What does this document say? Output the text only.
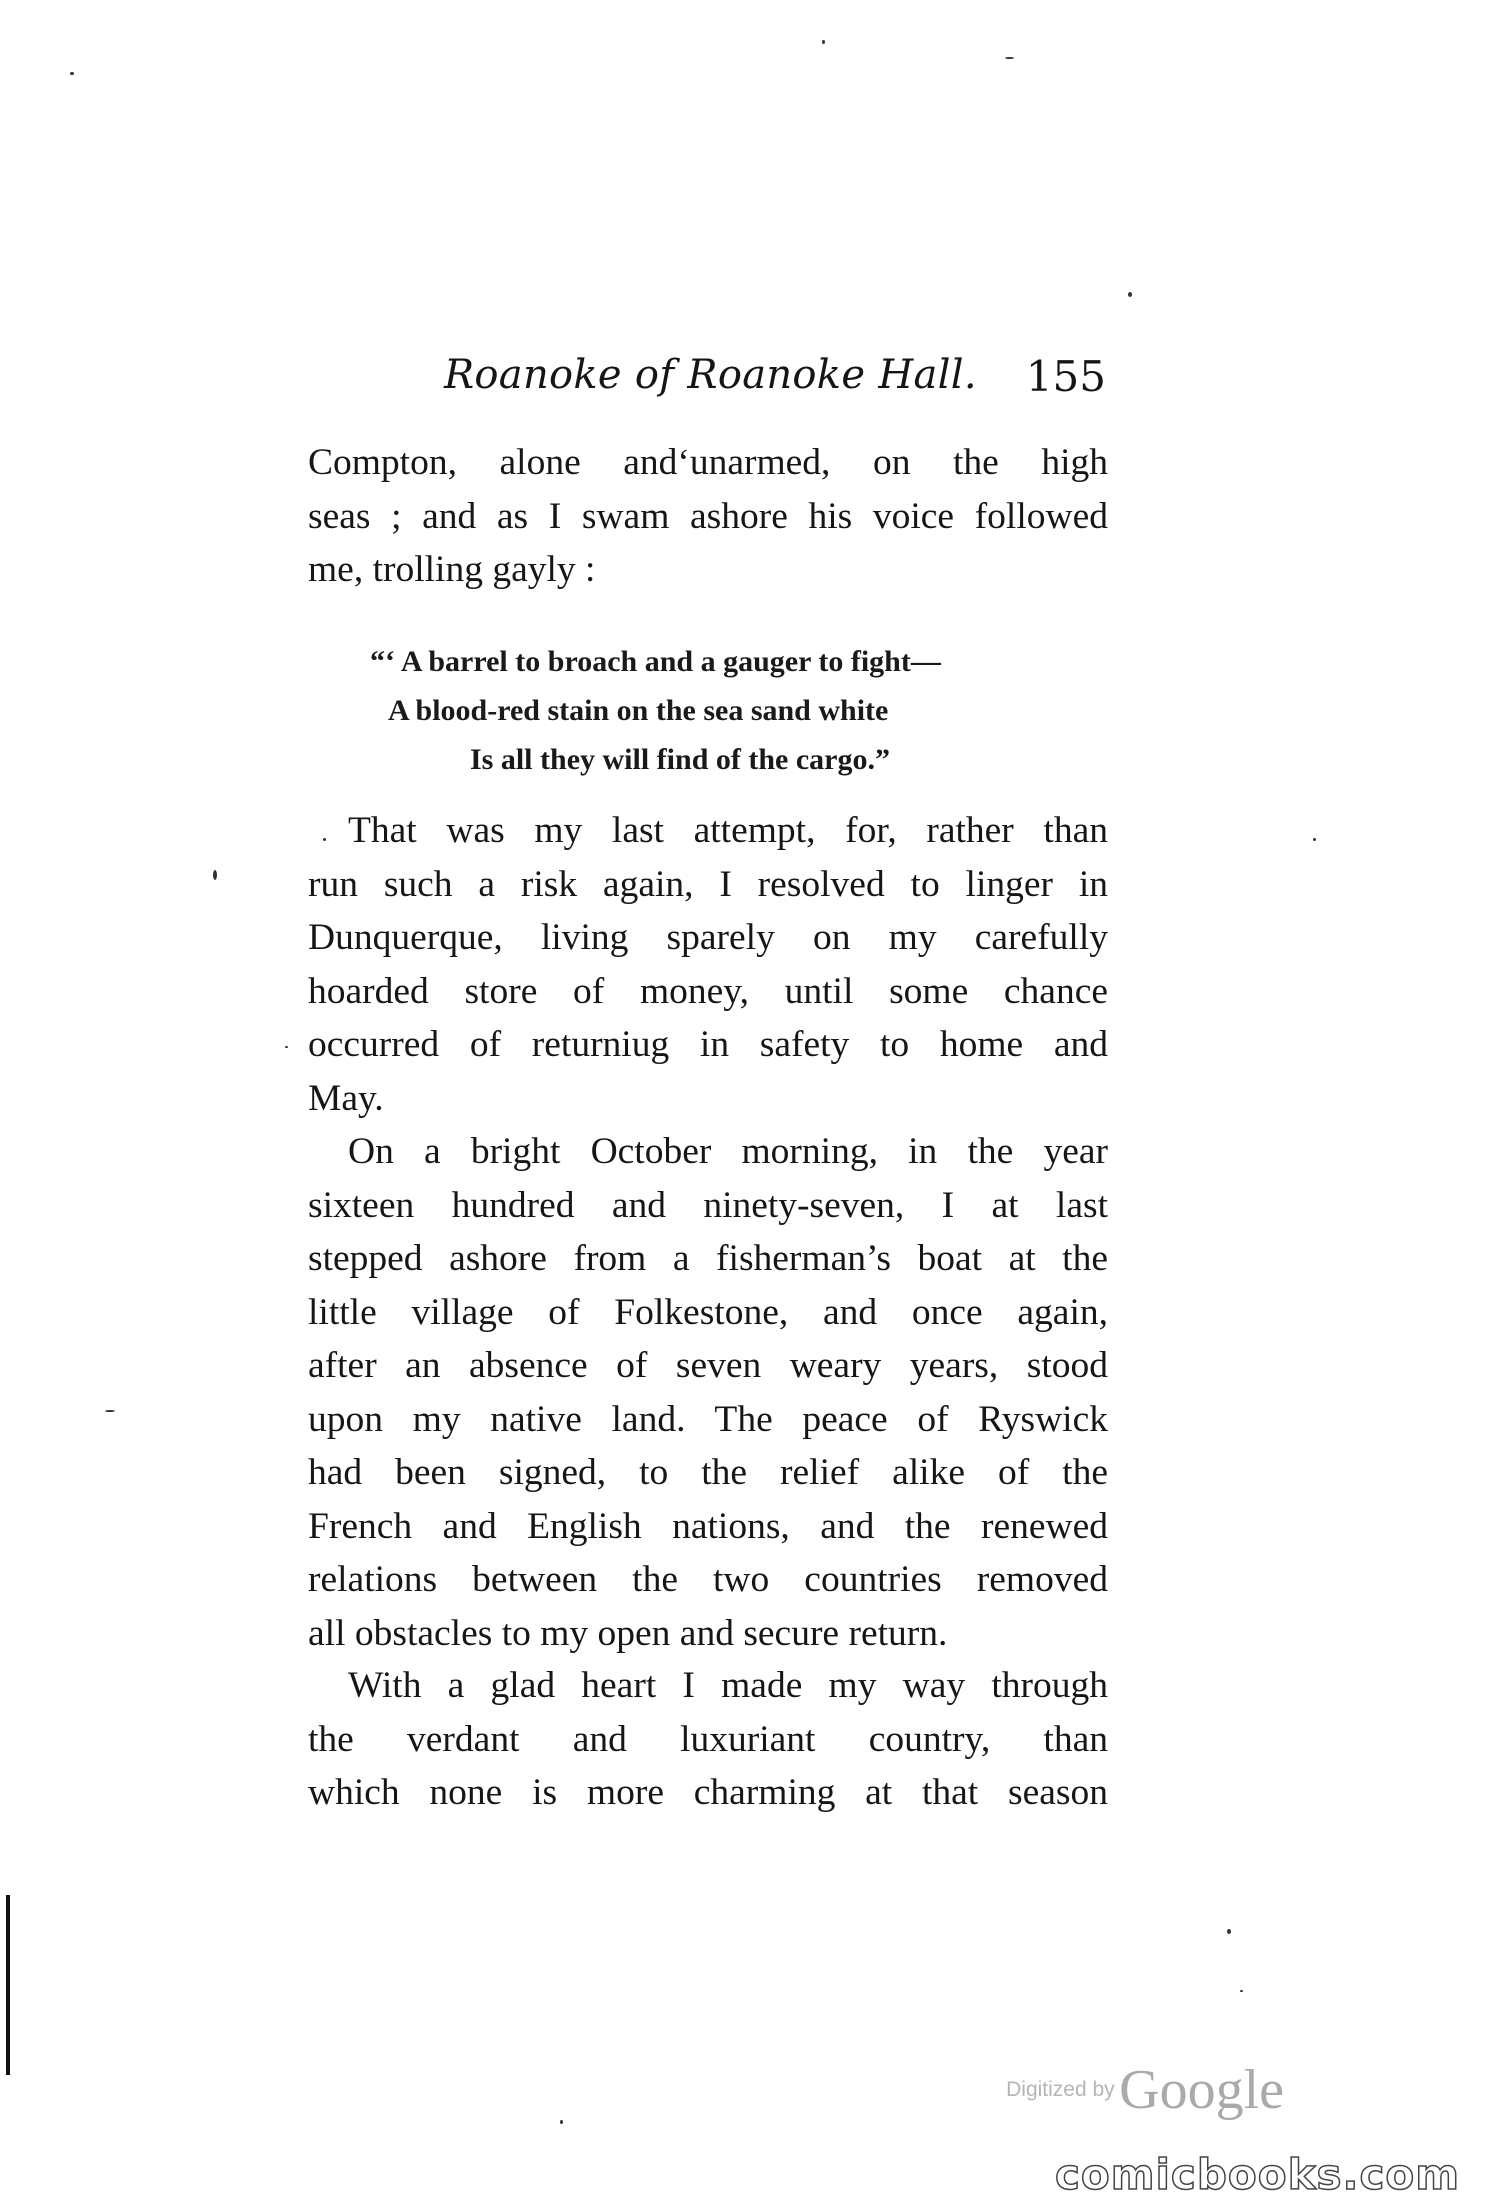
Roanoke of Roanoke Hall. 155
Compton, alone and‘unarmed, on the high
seas ; and as I swam ashore his voice followed
me, trolling gayly :
“‘ A barrel to broach and a gauger to fight—
A blood-red stain on the sea sand white
Is all they will find of the cargo.”
That was my last attempt, for, rather than
run such a risk again, I resolved to linger in
Dunquerque, living sparely on my carefully
hoarded store of money, until some chance
occurred of returniug in safety to home and
May.
On a bright October morning, in the year
sixteen hundred and ninety-seven, I at last
stepped ashore from a fisherman’s boat at the
little village of Folkestone, and once again,
after an absence of seven weary years, stood
upon my native land. The peace of Ryswick
had been signed, to the relief alike of the
French and English nations, and the renewed
relations between the two countries removed
all obstacles to my open and secure return.
With a glad heart I made my way through
the verdant and luxuriant country, than
which none is more charming at that season
Digitized by Google
comicbooks.com
